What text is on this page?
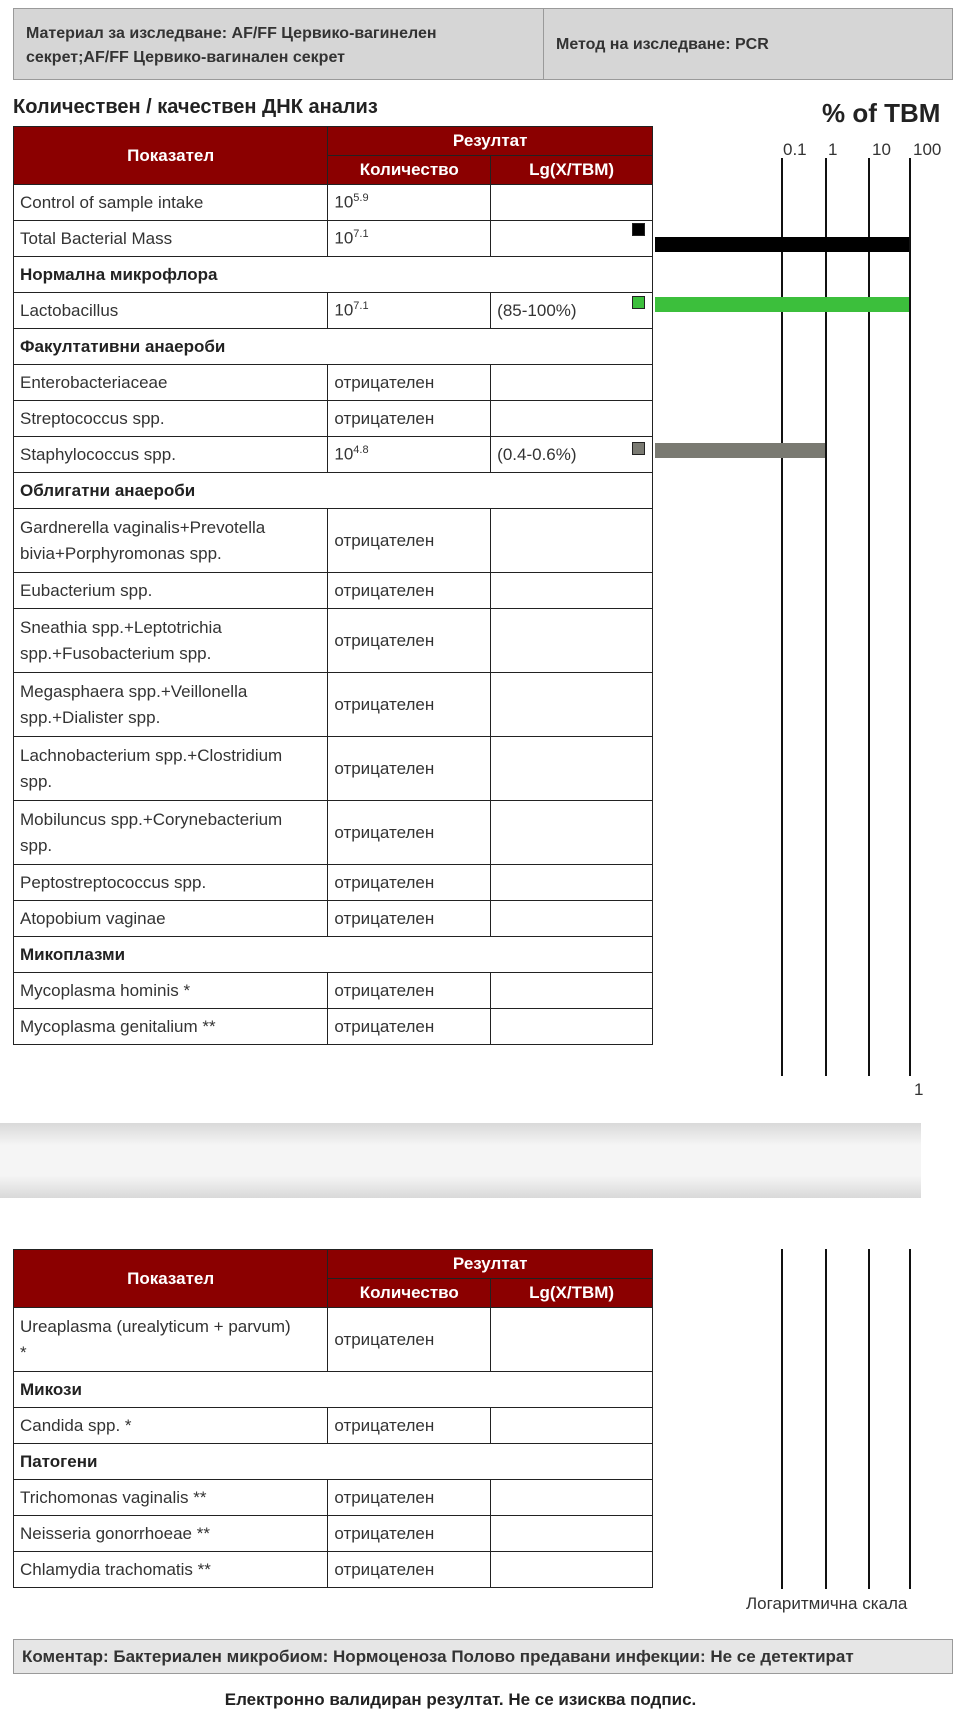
Материал за изследване: AF/FF Цервико-вагинелен
секрет;AF/FF Цервико-вагинален секрет
Метод на изследване: PCR
Количествен / качествен ДНК анализ	% of TBM
0.1 1 10 100
1
Показател	Резултат	
	Количество	Lg(X/TBM)
Control of sample intake	$10^{5.9}$	
Total Bacterial Mass	$10^{7.1}$	
Нормална микрофлора		
Lactobacillus	$10^{7.1}$	(85-100%)
Факултативни анаероби		
Enterobacteriaceae	отрицателен	
Streptococcus spp.	отрицателен	
Staphylococcus spp.	$10^{4.8}$	(0.4-0.6%)
Облигатни анаероби		

Gardnerella vaginalis+Prevotella
bivia+Porphyromonas spp.	отрицателен	
Eubacterium spp.	отрицателен	

Sneathia spp.+Leptotrichia
spp.+Fusobacterium spp.	отрицателен	

Megasphaera spp.+Veillonella
spp.+Dialister spp.	отрицателен	

Lachnobacterium spp.+Clostridium
spp.	отрицателен	

Mobiluncus spp.+Corynebacterium
spp.	отрицателен	
Peptostreptococcus spp.	отрицателен	
Atopobium vaginae	отрицателен	
Микоплазми		
Mycoplasma hominis *	отрицателен	
Mycoplasma genitalium **	отрицателен	
Показател	Резултат	
	Количество	Lg(X/TBM)

Ureaplasma (urealyticum + parvum)
*	отрицателен	
Микози		
Candida spp. *	отрицателен	
Патогени		
Trichomonas vaginalis **	отрицателен	
Neisseria gonorrhoeae **	отрицателен	
Chlamydia trachomatis **	отрицателен	
Логаритмична скала
Коментар: Бактериален микробиом: Нормоценоза Полово предавани инфекции: Не се детектират
Електронно валидиран резултат. Не се изисква подпис.
